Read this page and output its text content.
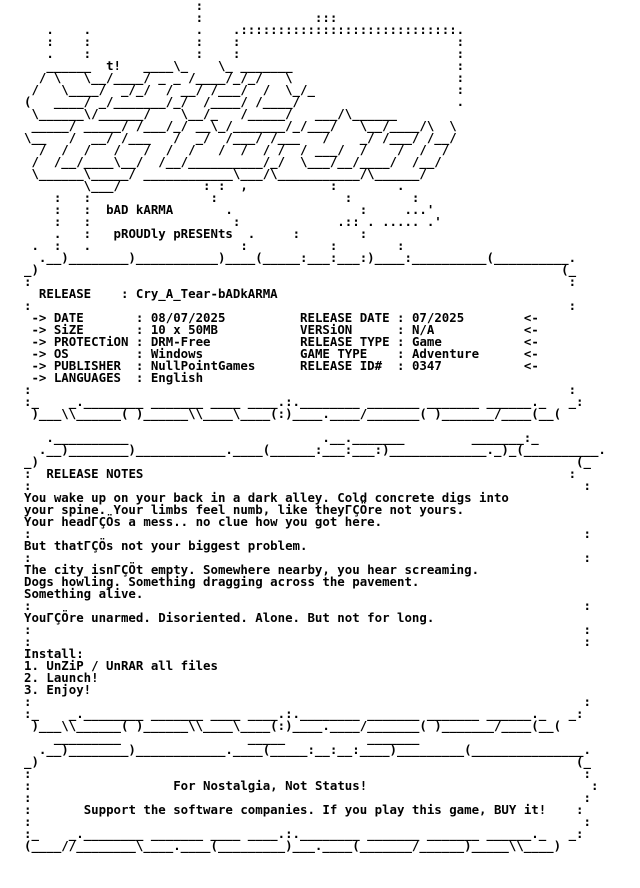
:
:               :::
.    .              .    .:::::::::::::::::::::::::::::.
:    :              :    :                             :
.    :              :    :                             :
______  t!   ____\_    \_ _______                      :
/ \   \__/____/ _ _ /____/_/_/   \                      :
/   \____/  _/_/  / __/ /___/  /  \_/_                   :
(   ____/ _/_______/_/  /____/ /____/                     .
\______\/______/    \__/_   /_____/   ___/\______
_____/ _____/ /___/_/ __\_/_______/_/___/   \__/____/\  \
\__   /  __/ /___   /  _/  /___/ /___   /    _/ /___/ /__/
/  /  /   /   /  /  /   /  /  / /  / ___/  /    /  /  /
/  /__/____\__/  /__/__________/_/  \___/__/____/  /__/
\______\_____/ ____________\___/\___________/\______/
\___/           : :  ,           :        .
:   :                :                 :        :
:   :  bAD kARMA	.                 :     ...'
:   :                   :             .:: . ..... .'
.   :   pROUDly pRESENts  .     :        :
.  :   .                    :           :        :
.__)________)___________)____(_____:___:___:)____:__________(__________.
_)                                                                      (_
:                                                                        :
RELEASE    : Cry_A_Tear-bADkARMA
:                                                                        :
-> DATE       : 08/07/2025	RELEASE DATE : 07/2025	<-
-> SiZE       : 10 x 50MB	VERSiON      : N/A	<-
-> PROTECTiON : DRM-Free	RELEASE TYPE : Game	<-
-> OS         : Windows	GAME TYPE    : Adventure	<-
-> PUBLISHER  : NullPointGames	RELEASE ID#  : 0347	<-
-> LANGUAGES  : English
:                                                                        :
:_    _.________ _______ ____ ____.:.________ _______ _______ ______._   _:
)___\\______( )______\\____\____(:)____.____/_______( )_______/____(__(

.__________                          .__._______         _______:_
.__)________)____________.____(______:___:___:)_____________._)_(__________.
_)                                                                        (_
:  RELEASE NOTES	:
:                                                                          :
You wake up on your back in a dark alley. Cold concrete digs into
your spine. Your limbs feel numb, like theyΓÇÖre not yours.
Your headΓÇÖs a mess.. no clue how you got here.
:                                                                          :
But thatΓÇÖs not your biggest problem.
:                                                                          :
The city isnΓÇÖt empty. Somewhere nearby, you hear screaming.
Dogs howling. Something dragging across the pavement.
Something alive.
:                                                                          :
YouΓÇÖre unarmed. Disoriented. Alone. But not for long.
:                                                                          :
:                                                                          :
Install:
1. UnZiP / UnRAR all files
2. Launch!
3. Enjoy!
:                                                                          :
:_    _.________ _______ ____ ____.:.________ _______ _______ ______._   _:
)___\\______( )______\\____\____(:)____.____/_______( )_______/____(__(

_________                 _____           _______
.__)________)____________.____(_____:__:__:____)_________(_______________.
_)                                                                        (_
:                                                                          :
:	For Nostalgia, Not Status!	:
:                                                                          :
:	Support the software companies. If you play this game, BUY it!    :
:                                                                          :
:_    _.________ _______ ____ ____.:.________ _______ _______ ______._   _:
(____//________\____.____(_________)___.____(_______/______)_____\\____)
